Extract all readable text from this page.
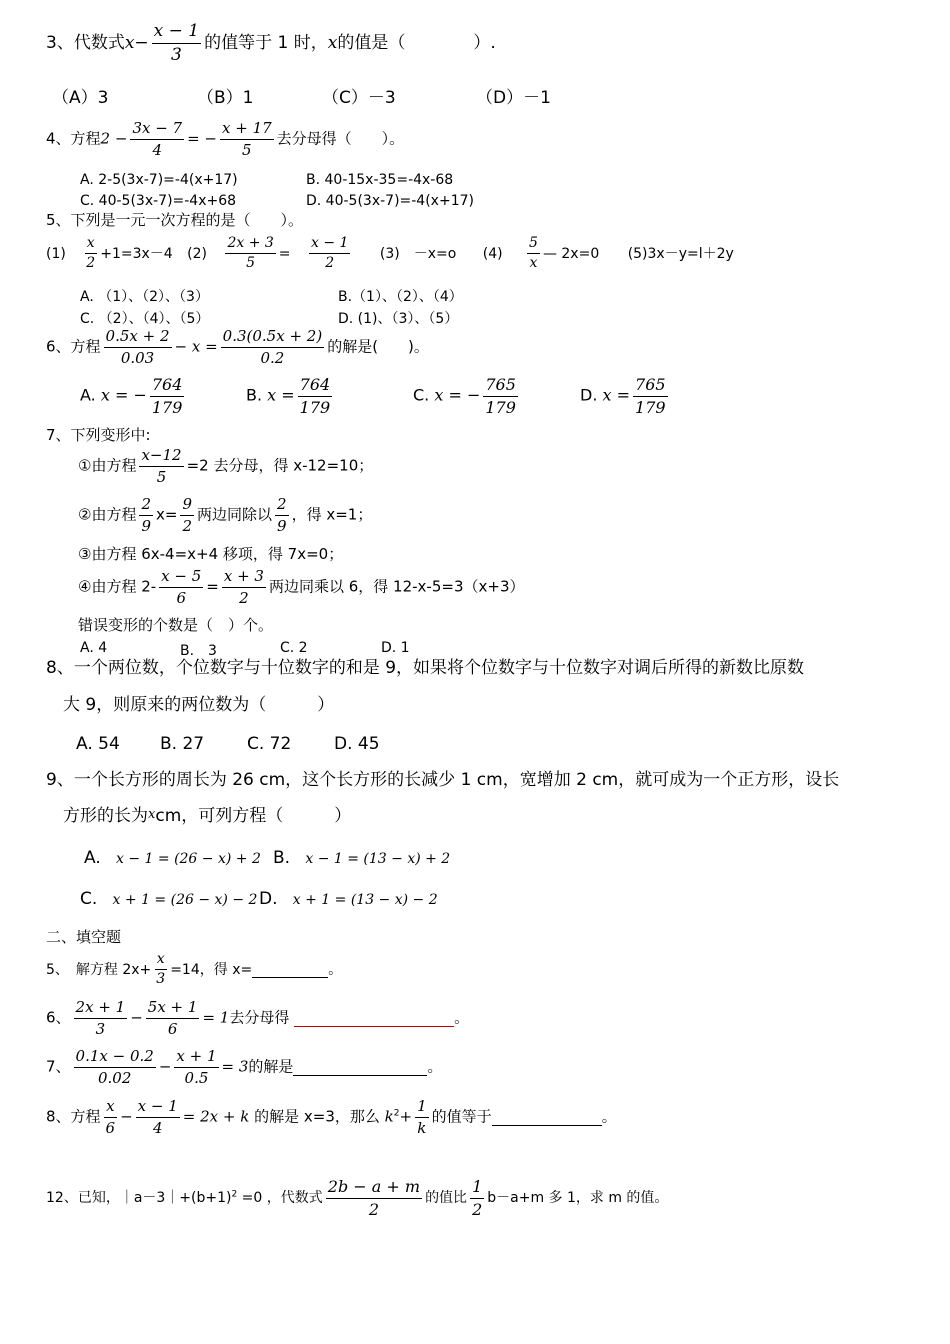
3、代数式$x- \frac{x - 1}{3}$ 的值等于 1 时，x的值是（　　　　）.
（A）3	（B）1	（C）－3	（D）－1
4、方程$2 - \frac{3x - 7}{4}$ = − $\frac{x + 17}{5}$ 去分母得（　　）。
A. 2-5(3x-7)=-4(x+17)	B. 40-15x-35=-4x-68
C. 40-5(3x-7)=-4x+68	D. 40-5(3x-7)=-4(x+17)
5、下列是一元一次方程的是（　　）。
$(1) \frac{x}{2} +1=3x-4$ $(2) \frac{2x + 3}{5} = \frac{x - 1}{2} (3)$　－x=o $(4) \frac{5}{x}$ — 2x=0 (5)3x－y=l＋2y
A. （1）、（2）、（3）	B.（1）、（2）、（4）
C. （2）、（4）、（5）	D. (1)、（3）、（5）
6、方程 $\frac{0.5x + 2}{0.03} - x = \frac{0.3(0.5x + 2)}{0.2}$ 的解是(　　)。
A. x = − $\frac{764}{179}$	B. $x = \frac{764}{179}$	C. x = − $\frac{765}{179}$	D. $x = \frac{765}{179}$
7、下列变形中:
①由方程 $\frac{x-12}{5} =2$ 去分母，得 x-12=10；
②由方程 $\frac{2}{9} x= \frac{9}{2}$ 两边同除以 $\frac{2}{9}$ ，得 x=1；
③由方程 6x-4=x+4 移项，得 7x=0；
④由方程 $2- \frac{x - 5}{6} = \frac{x + 3}{2}$ 两边同乘以 6，得 12-x-5=3（x+3）
错误变形的个数是（　）个。
A. 4	B.　3	C. 2	D. 1
8、一个两位数，个位数字与十位数字的和是 9，如果将个位数字与十位数字对调后所得的新数比原数
大 9，则原来的两位数为（　　　）
A. 54 B. 27	C. 72	D. 45
9、一个长方形的周长为 26 cm，这个长方形的长减少 1 cm，宽增加 2 cm，就可成为一个正方形，设长
方形的长为xcm，可列方程（　　　）
A. x − 1 = (26 − x) + 2 B. x − 1 = (13 − x) + 2
C. x + 1 = (26 − x) − 2 D. x + 1 = (13 − x) − 2
二、填空题
5、　解方程 $2x+ \frac{x}{3} =14$，得 x=	。
6、 $\frac{2x + 1}{3} - \frac{5x + 1}{6} = 1$去分母得	。
7、 $\frac{0.1x - 0.2}{0.02} - \frac{x + 1}{0.5} = 3$的解是	。
8、方程 $\frac{x}{6} - \frac{x - 1}{4} = 2x + k$ 的解是 x=3，那么 $k^2+ \frac{1}{k}$ 的值等于	。
12、已知，$|a-3|+(b+1)^2 =0$ ，代数式 $\frac{2b - a + m}{2}$ 的值比 $\frac{1}{2} b-a+m$ 多 1，求 m 的值。
